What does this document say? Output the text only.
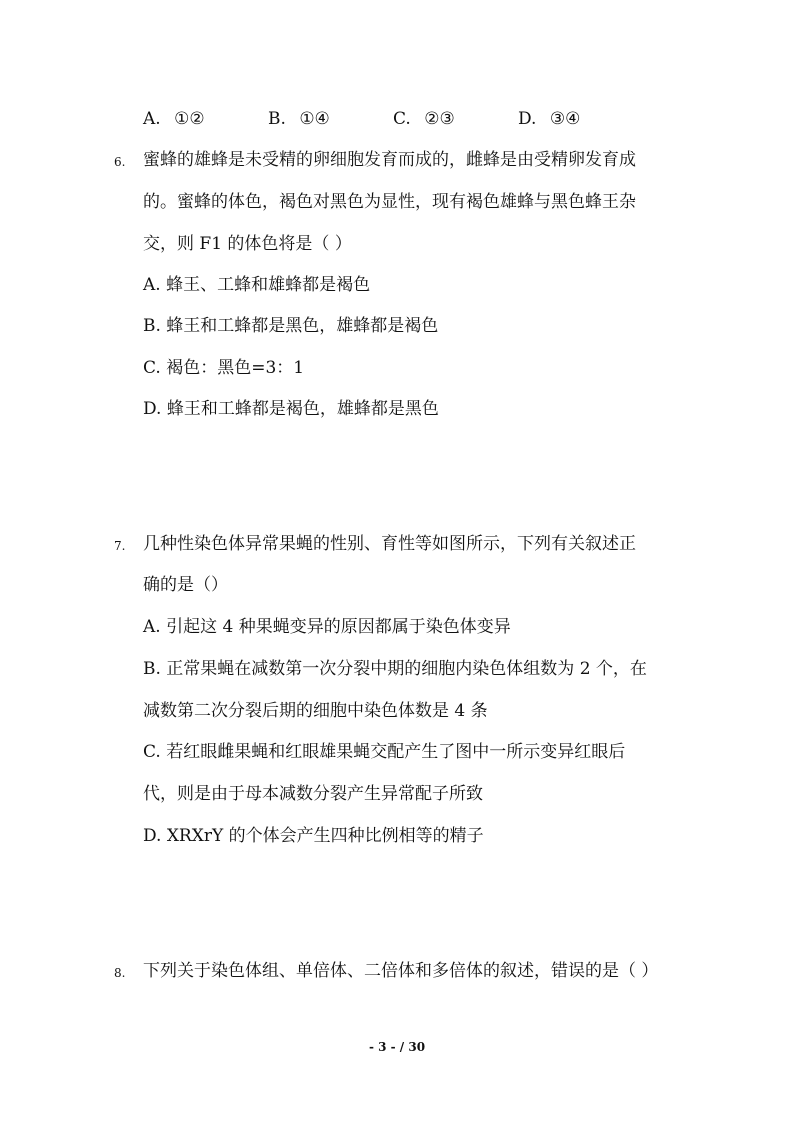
A. ①②	B. ①④	C. ②③	D. ③④
6. 蜜蜂的雄蜂是未受精的卵细胞发育而成的，雌蜂是由受精卵发育成
的。蜜蜂的体色，褐色对黑色为显性，现有褐色雄蜂与黑色蜂王杂
交，则 F1 的体色将是（ ）
A. 蜂王、工蜂和雄蜂都是褐色
B. 蜂王和工蜂都是黑色，雄蜂都是褐色
C. 褐色：黑色=3：1
D. 蜂王和工蜂都是褐色，雄蜂都是黑色
7. 几种性染色体异常果蝇的性别、育性等如图所示，下列有关叙述正
确的是（）
A. 引起这 4 种果蝇变异的原因都属于染色体变异
B. 正常果蝇在减数第一次分裂中期的细胞内染色体组数为 2 个，在
减数第二次分裂后期的细胞中染色体数是 4 条
C. 若红眼雌果蝇和红眼雄果蝇交配产生了图中一所示变异红眼后
代，则是由于母本减数分裂产生异常配子所致
D. XRXrY 的个体会产生四种比例相等的精子
8. 下列关于染色体组、单倍体、二倍体和多倍体的叙述，错误的是（ ）
- 3 - / 30
